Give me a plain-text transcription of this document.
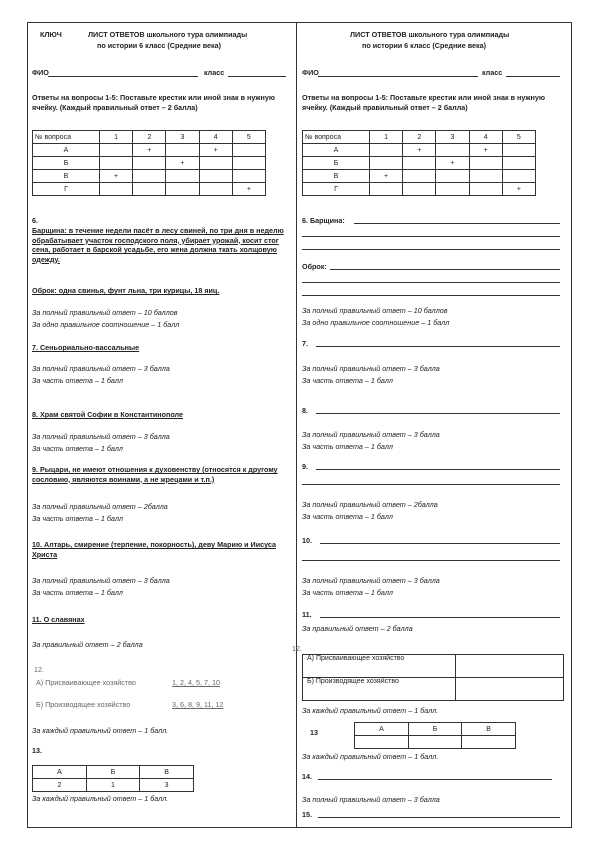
КЛЮЧ	ЛИСТ ОТВЕТОВ школьного тура олимпиады
по истории 6 класс (Средние века)
ФИО	класс
Ответы на вопросы 1-5: Поставьте крестик или иной знак в нужную ячейку. (Каждый правильный ответ – 2 балла)
№ вопроса	1	2	3	4	5
А		+		+	
Б			+		
В	+				
Г					+
6.
Барщина: в течение недели пасёт в лесу свиней, по три дня в неделю обрабатывает участок господского поля, убирает урожай, косит стог сена, работает в барской усадьбе, его жена должна ткать холщовую одежду.
Оброк: одна свинья, фунт льна, три курицы, 18 яиц.
За полный правильный ответ – 10 баллов
За одно правильное соотношение – 1 балл
7. Сеньориально-вассальные
За полный правильный ответ – 3 балла
За часть ответа – 1 балл
8. Храм святой Софии в Константинополе
За полный правильный ответ – 3 балла
За часть ответа – 1 балл
9. Рыцари, не имеют отношения к духовенству (относятся к другому сословию, являются воинами, а не жрецами и т.п.)
За полный правильный ответ – 2балла
За часть ответа – 1 балл
10. Алтарь, смирение (терпение, покорность), деву Марию и Иисуса Христа
За полный правильный ответ – 3 балла
За часть ответа – 1 балл
11. О славянах
За правильный ответ – 2 балла
12.
А) Присваивающее хозяйство	1, 2, 4, 5, 7, 10
Б) Производящее хозяйство	3, 6, 8, 9, 11, 12
За каждый правильный ответ – 1 балл.
13.
А	Б	В
2	1	3
За каждый правильный ответ – 1 балл.
ЛИСТ ОТВЕТОВ школьного тура олимпиады
по истории 6 класс (Средние века)
ФИО	класс
Ответы на вопросы 1-5: Поставьте крестик или иной знак в нужную ячейку. (Каждый правильный ответ – 2 балла)
№ вопроса	1	2	3	4	5
А		+		+	
Б			+		
В	+				
Г					+
6. Барщина:
Оброк:
За полный правильный ответ – 10 баллов
За одно правильное соотношение – 1 балл
7.
За полный правильный ответ – 3 балла
За часть ответа – 1 балл
8.
За полный правильный ответ – 3 балла
За часть ответа – 1 балл
9.
За полный правильный ответ – 2балла
За часть ответа – 1 балл
10.
За полный правильный ответ – 3 балла
За часть ответа – 1 балл
11.
За правильный ответ – 2 балла
12.
А) Присваивающее хозяйство	
Б) Производящее хозяйство	
За каждый правильный ответ – 1 балл.
13	А	Б	В

За каждый правильный ответ – 1 балл.
14.
За полный правильный ответ – 3 балла
15.
